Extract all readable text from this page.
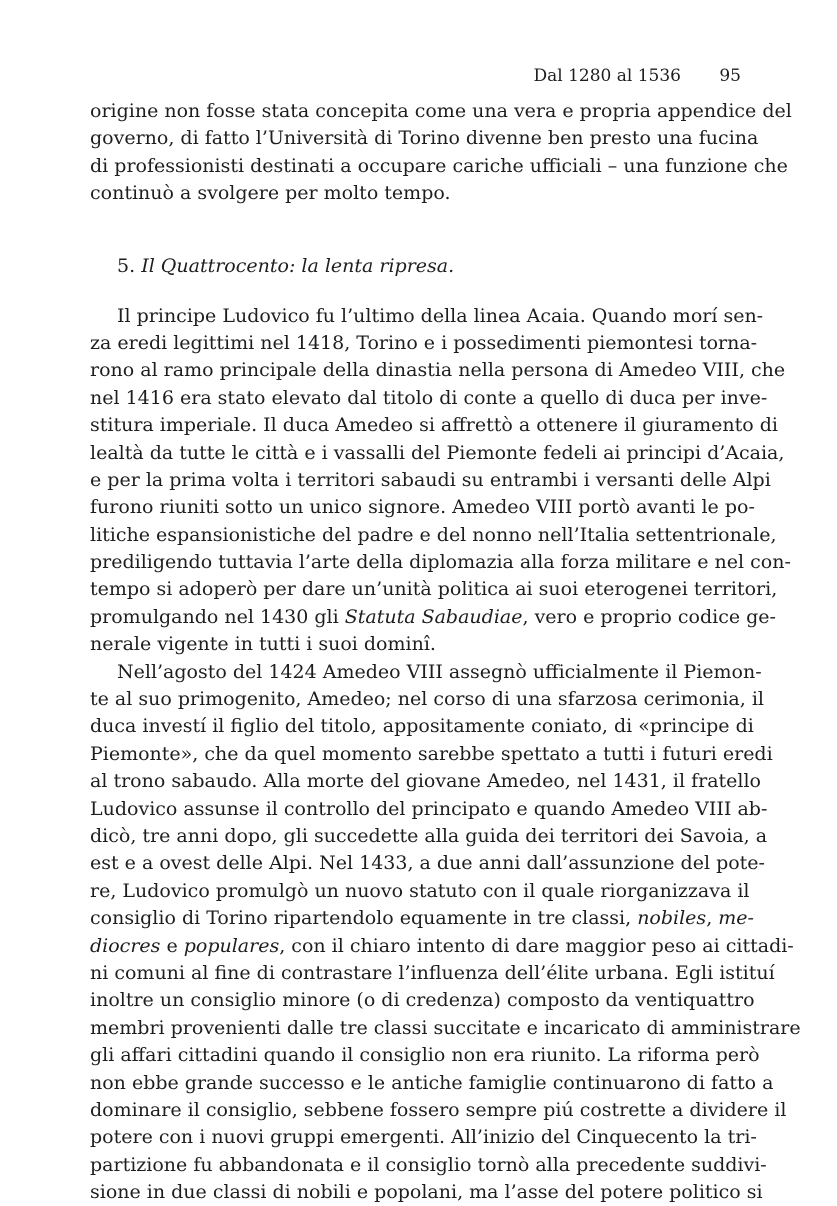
Dal 1280 al 1536 95
origine non fosse stata concepita come una vera e propria appendice del
governo, di fatto l’Università di Torino divenne ben presto una fucina
di professionisti destinati a occupare cariche ufficiali – una funzione che
continuò a svolgere per molto tempo.
5. Il Quattrocento: la lenta ripresa.
Il principe Ludovico fu l’ultimo della linea Acaia. Quando morí sen-
za eredi legittimi nel 1418, Torino e i possedimenti piemontesi torna-
rono al ramo principale della dinastia nella persona di Amedeo VIII, che
nel 1416 era stato elevato dal titolo di conte a quello di duca per inve-
stitura imperiale. Il duca Amedeo si affrettò a ottenere il giuramento di
lealtà da tutte le città e i vassalli del Piemonte fedeli ai principi d’Acaia,
e per la prima volta i territori sabaudi su entrambi i versanti delle Alpi
furono riuniti sotto un unico signore. Amedeo VIII portò avanti le po-
litiche espansionistiche del padre e del nonno nell’Italia settentrionale,
prediligendo tuttavia l’arte della diplomazia alla forza militare e nel con-
tempo si adoperò per dare un’unità politica ai suoi eterogenei territori,
promulgando nel 1430 gli Statuta Sabaudiae, vero e proprio codice ge-
nerale vigente in tutti i suoi dominî.
Nell’agosto del 1424 Amedeo VIII assegnò ufficialmente il Piemon-
te al suo primogenito, Amedeo; nel corso di una sfarzosa cerimonia, il
duca investí il figlio del titolo, appositamente coniato, di «principe di
Piemonte», che da quel momento sarebbe spettato a tutti i futuri eredi
al trono sabaudo. Alla morte del giovane Amedeo, nel 1431, il fratello
Ludovico assunse il controllo del principato e quando Amedeo VIII ab-
dicò, tre anni dopo, gli succedette alla guida dei territori dei Savoia, a
est e a ovest delle Alpi. Nel 1433, a due anni dall’assunzione del pote-
re, Ludovico promulgò un nuovo statuto con il quale riorganizzava il
consiglio di Torino ripartendolo equamente in tre classi, nobiles, me-
diocres e populares, con il chiaro intento di dare maggior peso ai cittadi-
ni comuni al fine di contrastare l’influenza dell’élite urbana. Egli istituí
inoltre un consiglio minore (o di credenza) composto da ventiquattro
membri provenienti dalle tre classi succitate e incaricato di amministrare
gli affari cittadini quando il consiglio non era riunito. La riforma però
non ebbe grande successo e le antiche famiglie continuarono di fatto a
dominare il consiglio, sebbene fossero sempre piú costrette a dividere il
potere con i nuovi gruppi emergenti. All’inizio del Cinquecento la tri-
partizione fu abbandonata e il consiglio tornò alla precedente suddivi-
sione in due classi di nobili e popolani, ma l’asse del potere politico si
